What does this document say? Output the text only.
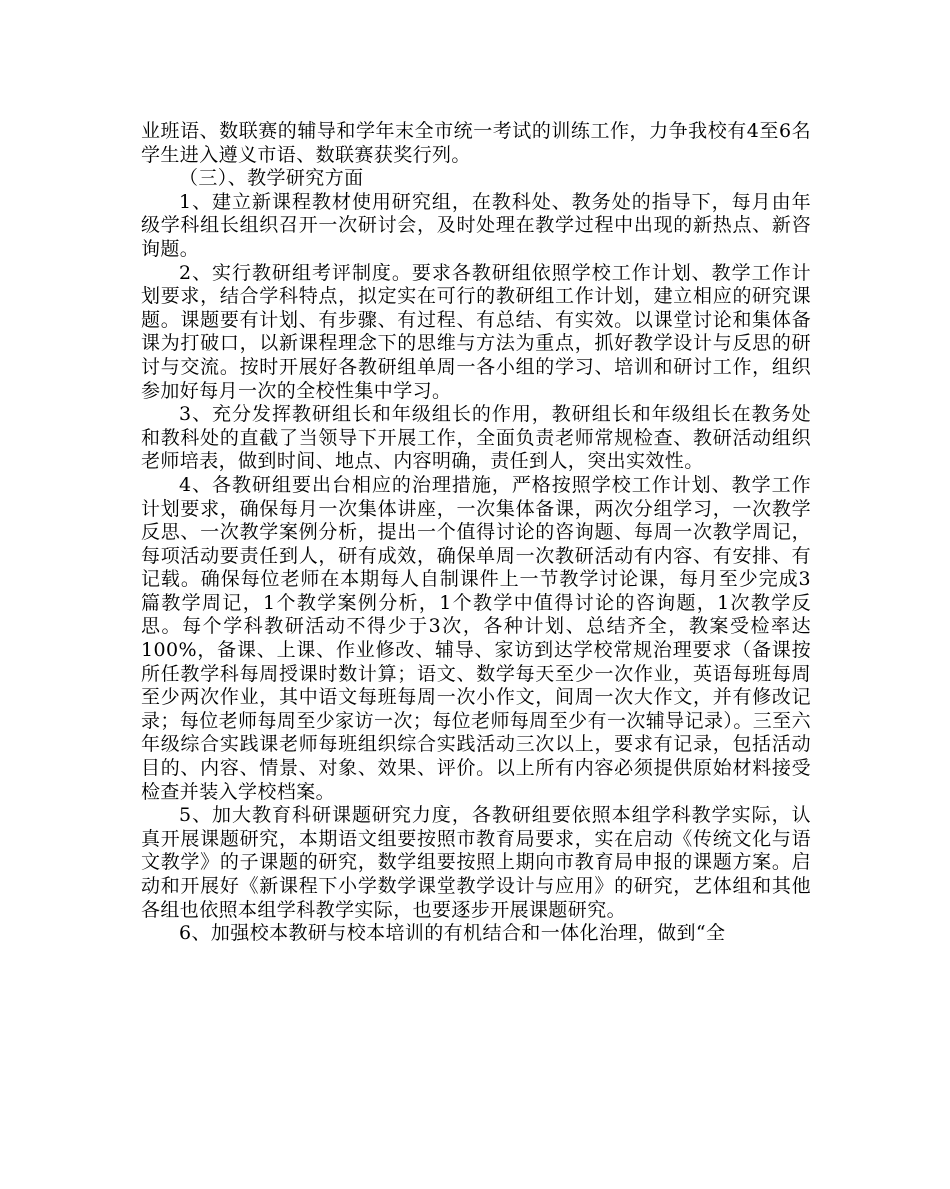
业班语、数联赛的辅导和学年末全市统一考试的训练工作，力争我校有4至6名学生进入遵义市语、数联赛获奖行列。

（三）、教学研究方面

1、建立新课程教材使用研究组，在教科处、教务处的指导下，每月由年级学科组长组织召开一次研讨会，及时处理在教学过程中出现的新热点、新咨询题。

2、实行教研组考评制度。要求各教研组依照学校工作计划、教学工作计划要求，结合学科特点，拟定实在可行的教研组工作计划，建立相应的研究课题。课题要有计划、有步骤、有过程、有总结、有实效。以课堂讨论和集体备课为打破口，以新课程理念下的思维与方法为重点，抓好教学设计与反思的研讨与交流。按时开展好各教研组单周一各小组的学习、培训和研讨工作，组织参加好每月一次的全校性集中学习。

3、充分发挥教研组长和年级组长的作用，教研组长和年级组长在教务处和教科处的直截了当领导下开展工作，全面负责老师常规检查、教研活动组织老师培表，做到时间、地点、内容明确，责任到人，突出实效性。

4、各教研组要出台相应的治理措施，严格按照学校工作计划、教学工作计划要求，确保每月一次集体讲座，一次集体备课，两次分组学习，一次教学反思、一次教学案例分析，提出一个值得讨论的咨询题、每周一次教学周记，每项活动要责任到人，研有成效，确保单周一次教研活动有内容、有安排、有记载。确保每位老师在本期每人自制课件上一节教学讨论课，每月至少完成3篇教学周记，1个教学案例分析，1个教学中值得讨论的咨询题，1次教学反思。每个学科教研活动不得少于3次，各种计划、总结齐全，教案受检率达100%，备课、上课、作业修改、辅导、家访到达学校常规治理要求（备课按所任教学科每周授课时数计算；语文、数学每天至少一次作业，英语每班每周至少两次作业，其中语文每班每周一次小作文，间周一次大作文，并有修改记录；每位老师每周至少家访一次；每位老师每周至少有一次辅导记录）。三至六年级综合实践课老师每班组织综合实践活动三次以上，要求有记录，包括活动目的、内容、情景、对象、效果、评价。以上所有内容必须提供原始材料接受检查并装入学校档案。

5、加大教育科研课题研究力度，各教研组要依照本组学科教学实际，认真开展课题研究，本期语文组要按照市教育局要求，实在启动《传统文化与语文教学》的子课题的研究，数学组要按照上期向市教育局申报的课题方案。启动和开展好《新课程下小学数学课堂教学设计与应用》的研究，艺体组和其他各组也依照本组学科教学实际，也要逐步开展课题研究。

6、加强校本教研与校本培训的有机结合和一体化治理，做到“全
